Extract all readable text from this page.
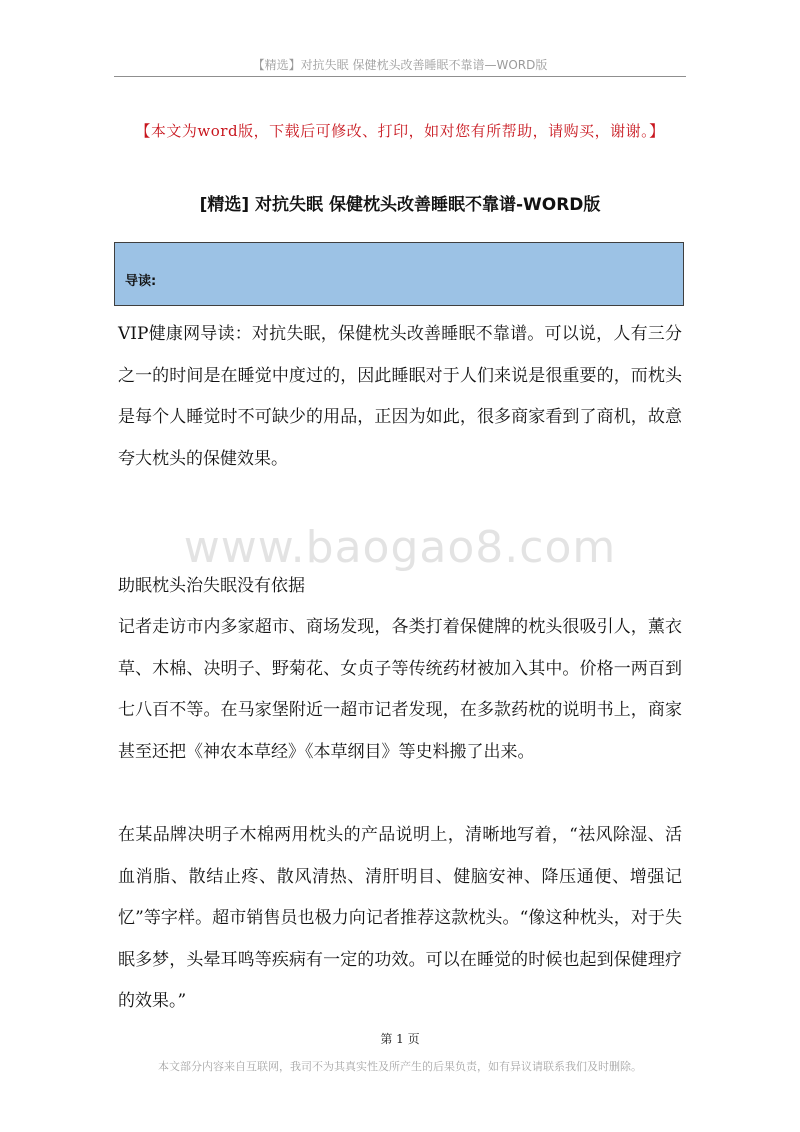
【精选】对抗失眠 保健枕头改善睡眠不靠谱—WORD版
【本文为word版，下载后可修改、打印，如对您有所帮助，请购买，谢谢。】
[精选] 对抗失眠 保健枕头改善睡眠不靠谱-WORD版
导读:

VIP健康网导读：对抗失眠，保健枕头改善睡眠不靠谱。可以说，人有三分之一的时间是在睡觉中度过的，因此睡眠对于人们来说是很重要的，而枕头是每个人睡觉时不可缺少的用品，正因为如此，很多商家看到了商机，故意夸大枕头的保健效果。

www.baogao8.com

助眠枕头治失眠没有依据

记者走访市内多家超市、商场发现，各类打着保健牌的枕头很吸引人，薰衣草、木棉、决明子、野菊花、女贞子等传统药材被加入其中。价格一两百到七八百不等。在马家堡附近一超市记者发现，在多款药枕的说明书上，商家甚至还把《神农本草经》《本草纲目》等史料搬了出来。

在某品牌决明子木棉两用枕头的产品说明上，清晰地写着，“祛风除湿、活血消脂、散结止疼、散风清热、清肝明目、健脑安神、降压通便、增强记忆”等字样。超市销售员也极力向记者推荐这款枕头。“像这种枕头，对于失眠多梦，头晕耳鸣等疾病有一定的功效。可以在睡觉的时候也起到保健理疗的效果。”

第 1 页
本文部分内容来自互联网，我司不为其真实性及所产生的后果负责，如有异议请联系我们及时删除。
